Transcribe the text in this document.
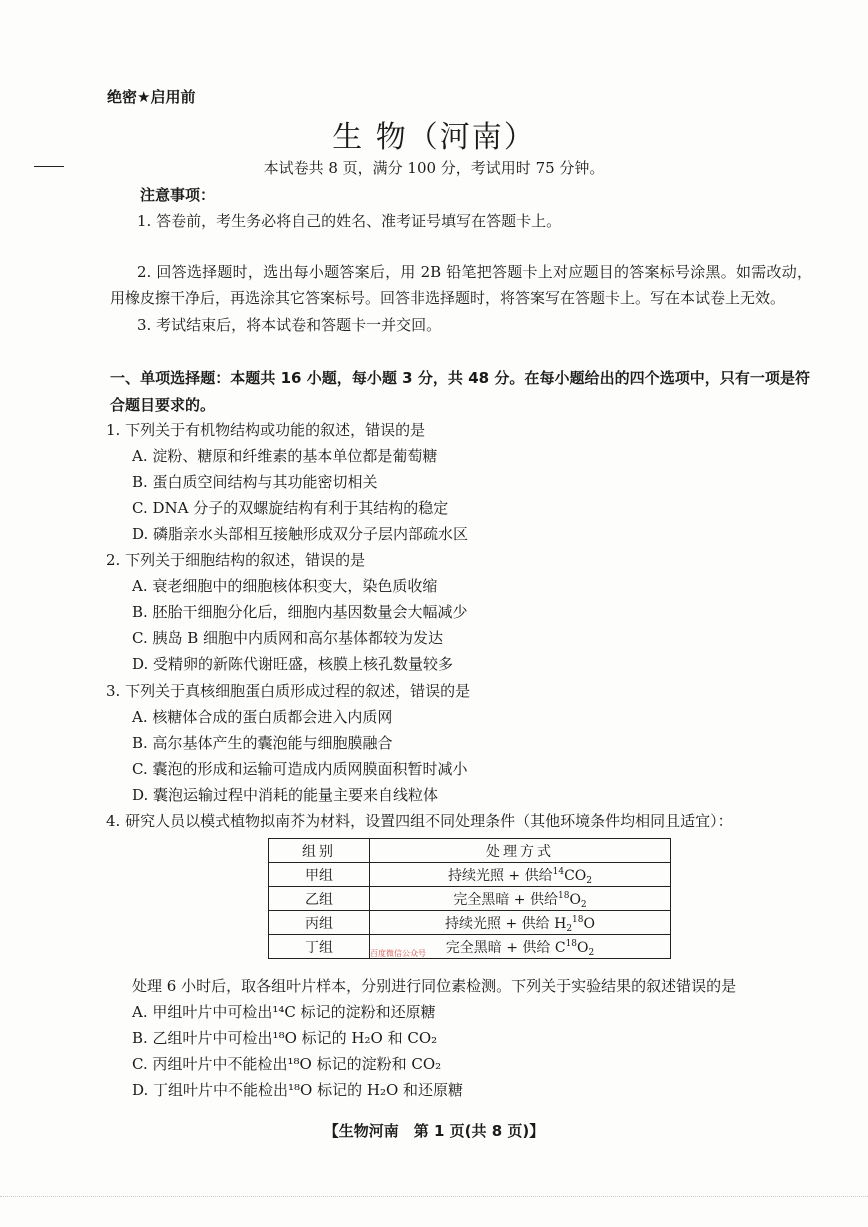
绝密★启用前
生 物（河南）
本试卷共 8 页，满分 100 分，考试用时 75 分钟。
注意事项：
1. 答卷前，考生务必将自己的姓名、准考证号填写在答题卡上。
2. 回答选择题时，选出每小题答案后，用 2B 铅笔把答题卡上对应题目的答案标号涂黑。如需改动，用橡皮擦干净后，再选涂其它答案标号。回答非选择题时，将答案写在答题卡上。写在本试卷上无效。
3. 考试结束后，将本试卷和答题卡一并交回。
一、单项选择题：本题共 16 小题，每小题 3 分，共 48 分。在每小题给出的四个选项中，只有一项是符合题目要求的。
1. 下列关于有机物结构或功能的叙述，错误的是
A. 淀粉、糖原和纤维素的基本单位都是葡萄糖
B. 蛋白质空间结构与其功能密切相关
C. DNA 分子的双螺旋结构有利于其结构的稳定
D. 磷脂亲水头部相互接触形成双分子层内部疏水区
2. 下列关于细胞结构的叙述，错误的是
A. 衰老细胞中的细胞核体积变大，染色质收缩
B. 胚胎干细胞分化后，细胞内基因数量会大幅减少
C. 胰岛 B 细胞中内质网和高尔基体都较为发达
D. 受精卵的新陈代谢旺盛，核膜上核孔数量较多
3. 下列关于真核细胞蛋白质形成过程的叙述，错误的是
A. 核糖体合成的蛋白质都会进入内质网
B. 高尔基体产生的囊泡能与细胞膜融合
C. 囊泡的形成和运输可造成内质网膜面积暂时减小
D. 囊泡运输过程中消耗的能量主要来自线粒体
4. 研究人员以模式植物拟南芥为材料，设置四组不同处理条件（其他环境条件均相同且适宜）：
组别	处理方式
甲组	持续光照 + 供给$^{14}CO_2$
乙组	完全黑暗 + 供给$^{18}O_2$
丙组	持续光照 + 供给 $H_2^{18}O$
丁组	完全黑暗 + 供给 $C^{18}O_2$
百度微信公众号
处理 6 小时后，取各组叶片样本，分别进行同位素检测。下列关于实验结果的叙述错误的是
A. 甲组叶片中可检出¹⁴C 标记的淀粉和还原糖
B. 乙组叶片中可检出¹⁸O 标记的 H₂O 和 CO₂
C. 丙组叶片中不能检出¹⁸O 标记的淀粉和 CO₂
D. 丁组叶片中不能检出¹⁸O 标记的 H₂O 和还原糖
【生物河南　第 1 页(共 8 页)】
